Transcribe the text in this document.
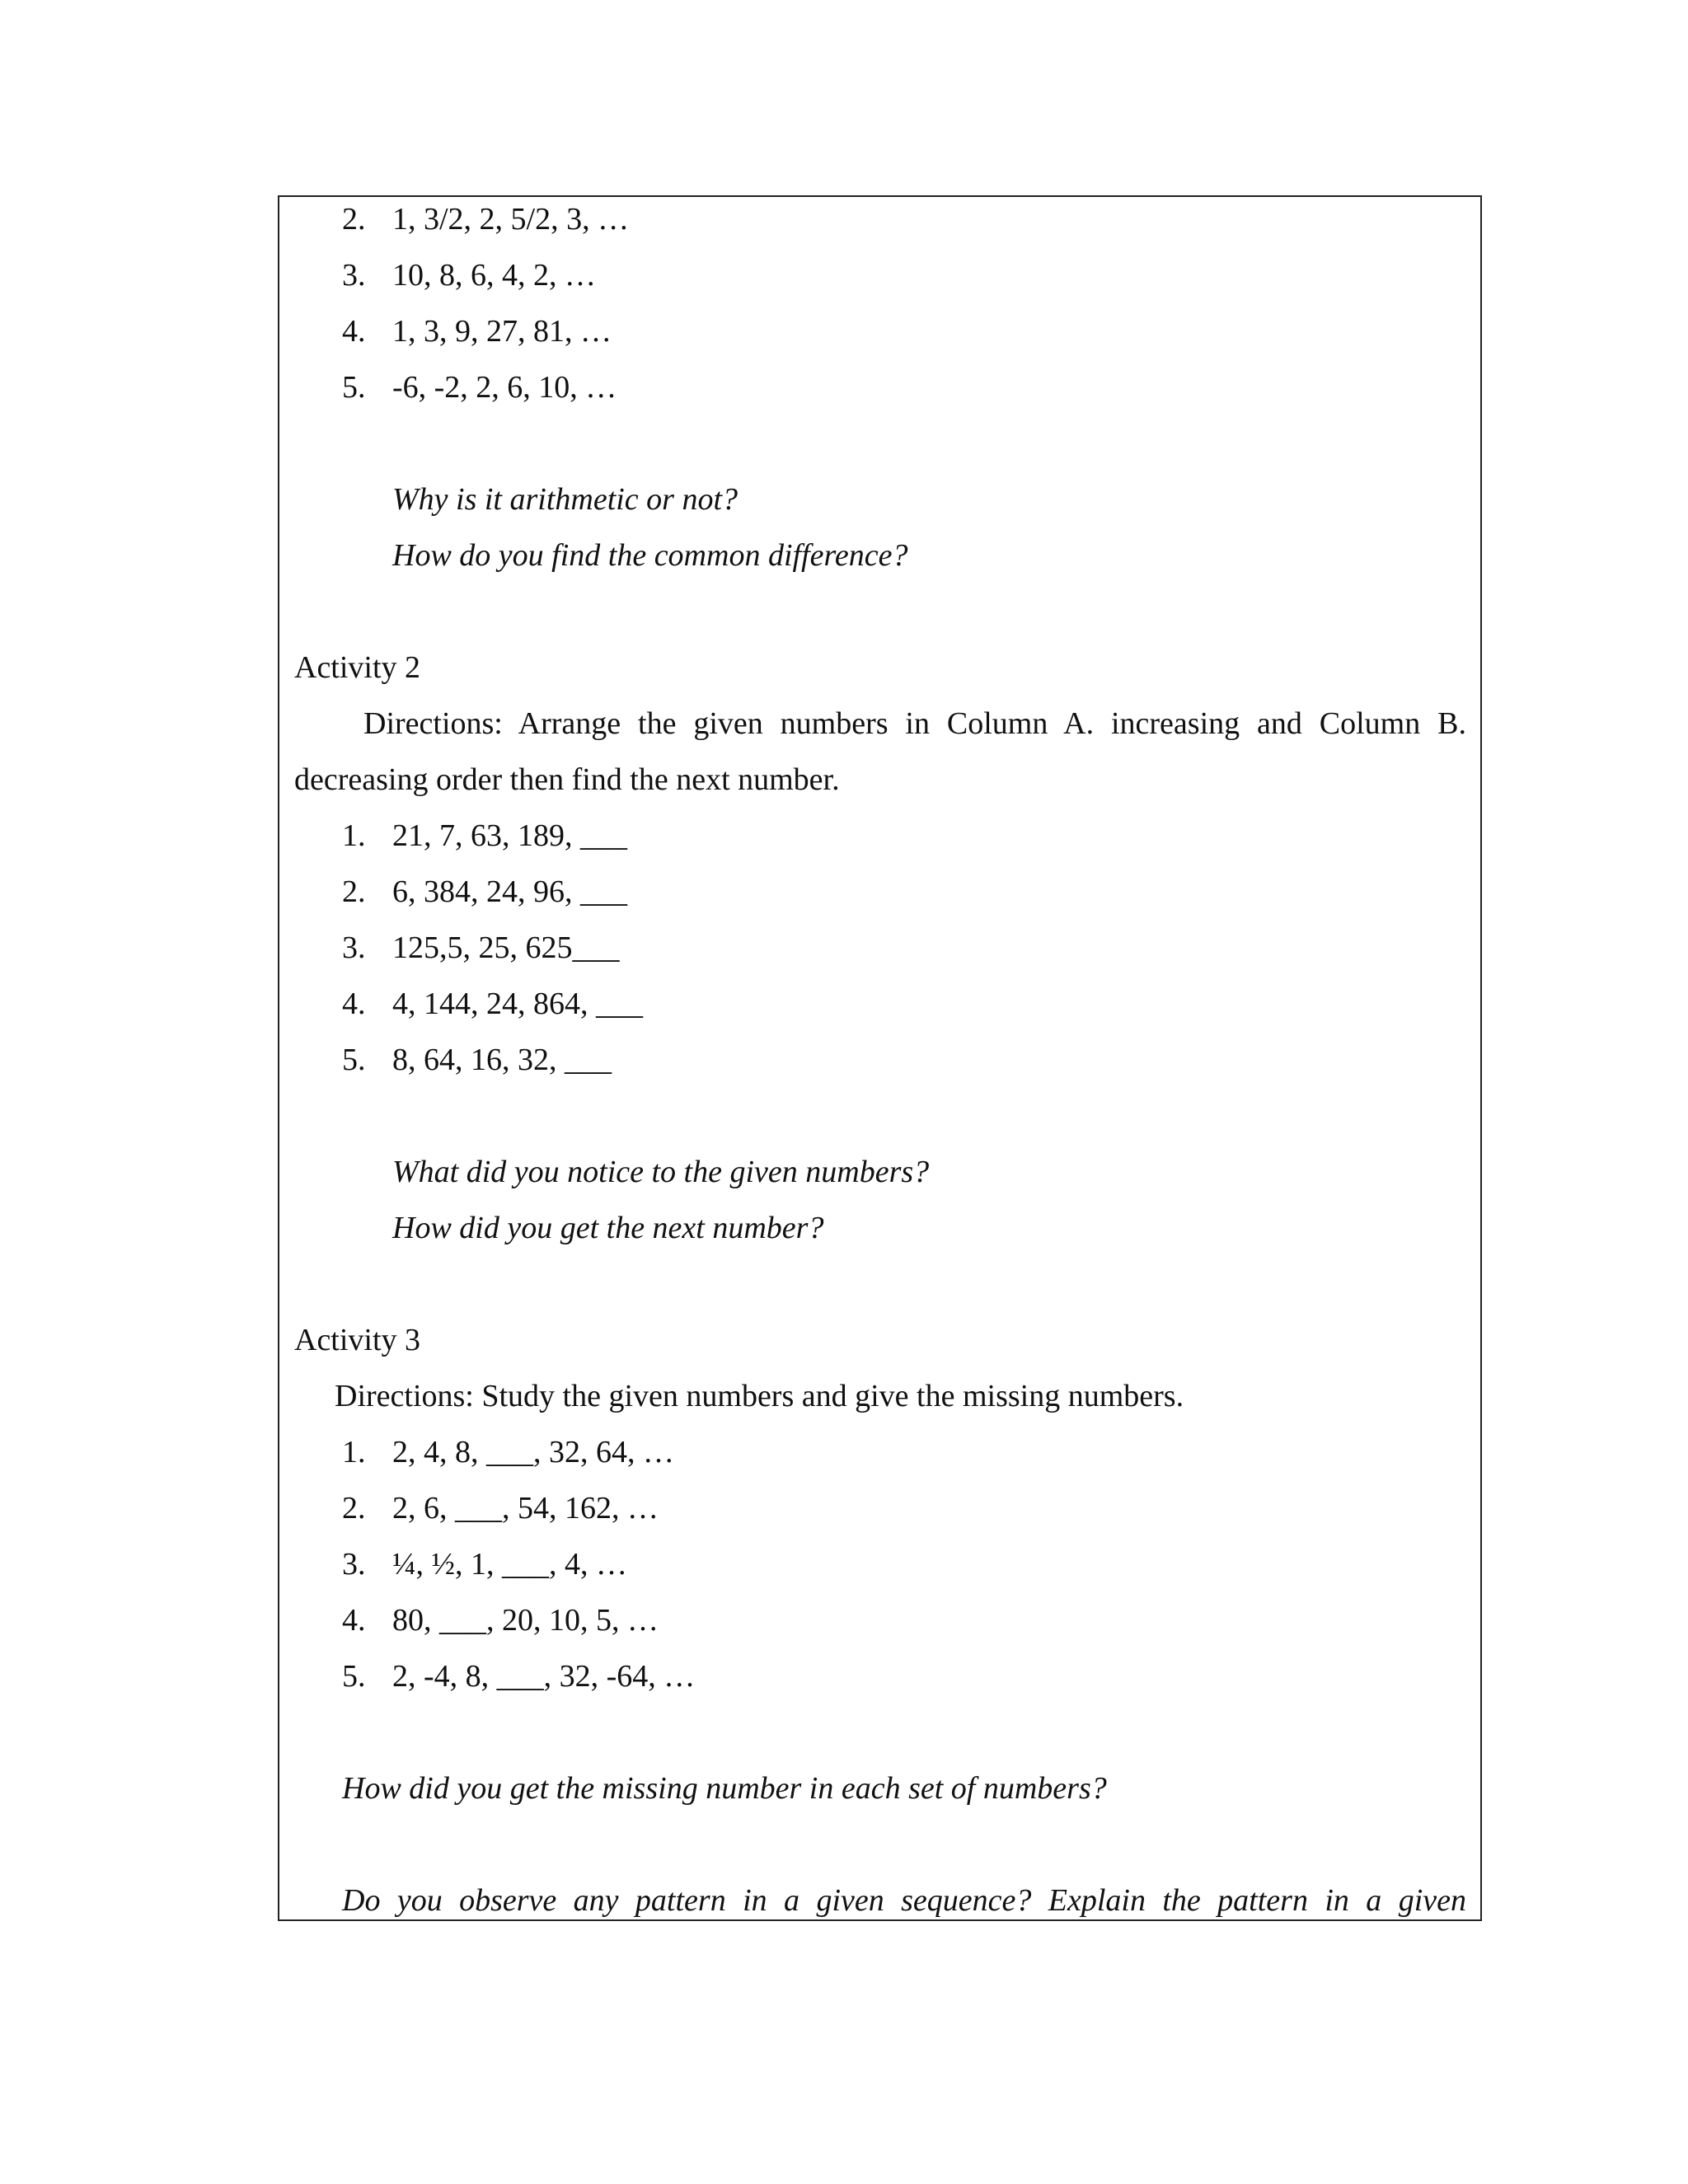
2. 1, 3/2, 2, 5/2, 3, …
3. 10, 8, 6, 4, 2, …
4. 1, 3, 9, 27, 81, …
5. -6, -2, 2, 6, 10, …
Why is it arithmetic or not?
How do you find the common difference?
Activity 2
Directions: Arrange the given numbers in Column A. increasing and Column B.
decreasing order then find the next number.
1. 21, 7, 63, 189, ___
2. 6, 384, 24, 96, ___
3. 125,5, 25, 625___
4. 4, 144, 24, 864, ___
5. 8, 64, 16, 32, ___
What did you notice to the given numbers?
How did you get the next number?
Activity 3
Directions: Study the given numbers and give the missing numbers.
1. 2, 4, 8, ___, 32, 64, …
2. 2, 6, ___, 54, 162, …
3. ¼, ½, 1, ___, 4, …
4. 80, ___, 20, 10, 5, …
5. 2, -4, 8, ___, 32, -64, …
How did you get the missing number in each set of numbers?
Do you observe any pattern in a given sequence? Explain the pattern in a given
